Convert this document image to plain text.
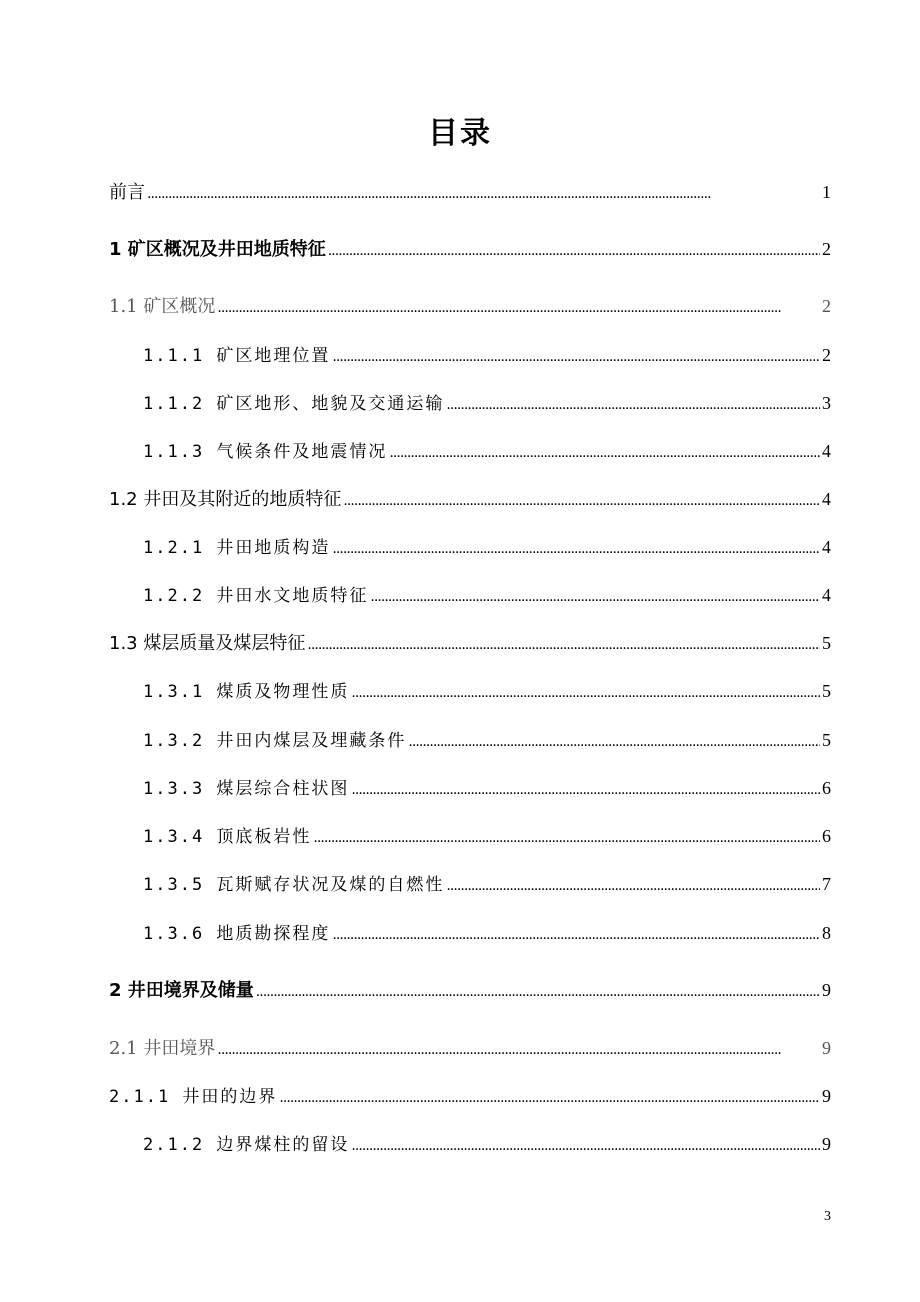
目录
前言 . . .	1
1 矿区概况及井田地质特征 . . .	2
1.1 矿区概况 . . .	2
1.1.1 矿区地理位置 . . .	2
1.1.2 矿区地形、地貌及交通运输 . . .	3
1.1.3 气候条件及地震情况 . . .	4
1.2 井田及其附近的地质特征 . . .	4
1.2.1 井田地质构造 . . .	4
1.2.2 井田水文地质特征 . . .	4
1.3 煤层质量及煤层特征 . . .	5
1.3.1 煤质及物理性质 . . .	5
1.3.2 井田内煤层及埋藏条件 . . .	5
1.3.3 煤层综合柱状图 . . .	6
1.3.4 顶底板岩性 . . .	6
1.3.5 瓦斯赋存状况及煤的自燃性 . . .	7
1.3.6 地质勘探程度 . . .	8
2 井田境界及储量 . . .	9
2.1 井田境界 . . .	9
2.1.1 井田的边界 . . .	9
2.1.2 边界煤柱的留设 . . .	9
3
